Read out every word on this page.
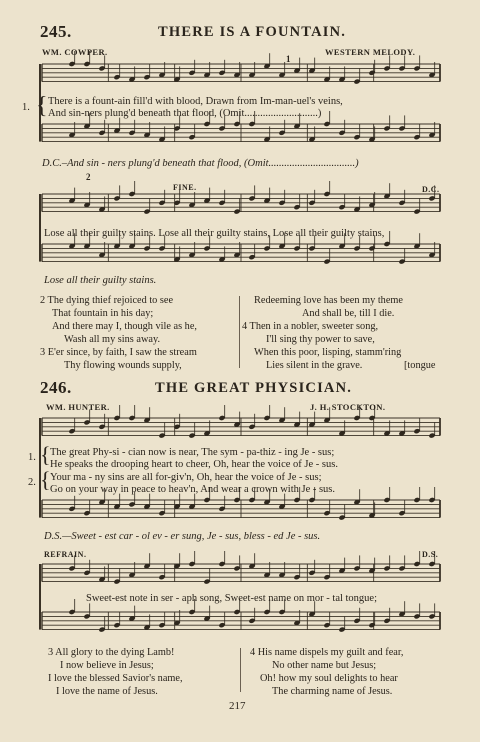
245.	THERE IS A FOUNTAIN.
WM. COWPER.	WESTERN MELODY.
1
1. { There is a fount-ain fill'd with blood, Drawn from Im-man-uel's veins,
And sin-ners plung'd beneath that flood, (Omit............................)
D.C.–And sin - ners plung'd beneath that flood, (Omit.................................)
2
FINE.	D.C.
Lose all their guilty stains. Lose all their guilty stains, Lose all their guilty stains,
Lose all their guilty stains.
2 The dying thief rejoiced to see
That fountain in his day;
And there may I, though vile as he,
Wash all my sins away.
3 E'er since, by faith, I saw the stream
Thy flowing wounds supply,
Redeeming love has been my theme
And shall be, till I die.
4 Then in a nobler, sweeter song,
I'll sing thy power to save,
When this poor, lisping, stamm'ring
Lies silent in the grave.	[tongue
246.	THE GREAT PHYSICIAN.
WM. HUNTER.	J. H. STOCKTON.
1. { The great Phy-si - cian now is near, The sym - pa-thiz - ing Je - sus;
He speaks the drooping heart to cheer, Oh, hear the voice of Je - sus.
2. { Your ma - ny sins are all for-giv'n, Oh, hear the voice of Je - sus;
Go on your way in peace to heav'n, And wear a crown with Je - sus.
D.S.—Sweet - est car - ol ev - er sung, Je - sus, bless - ed Je - sus.
REFRAIN.	D.S.
Sweet-est note in ser - aph song, Sweet-est name on mor - tal tongue;
3 All glory to the dying Lamb!
I now believe in Jesus;
I love the blessed Savior's name,
I love the name of Jesus.
4 His name dispels my guilt and fear,
No other name but Jesus;
Oh! how my soul delights to hear
The charming name of Jesus.
217
